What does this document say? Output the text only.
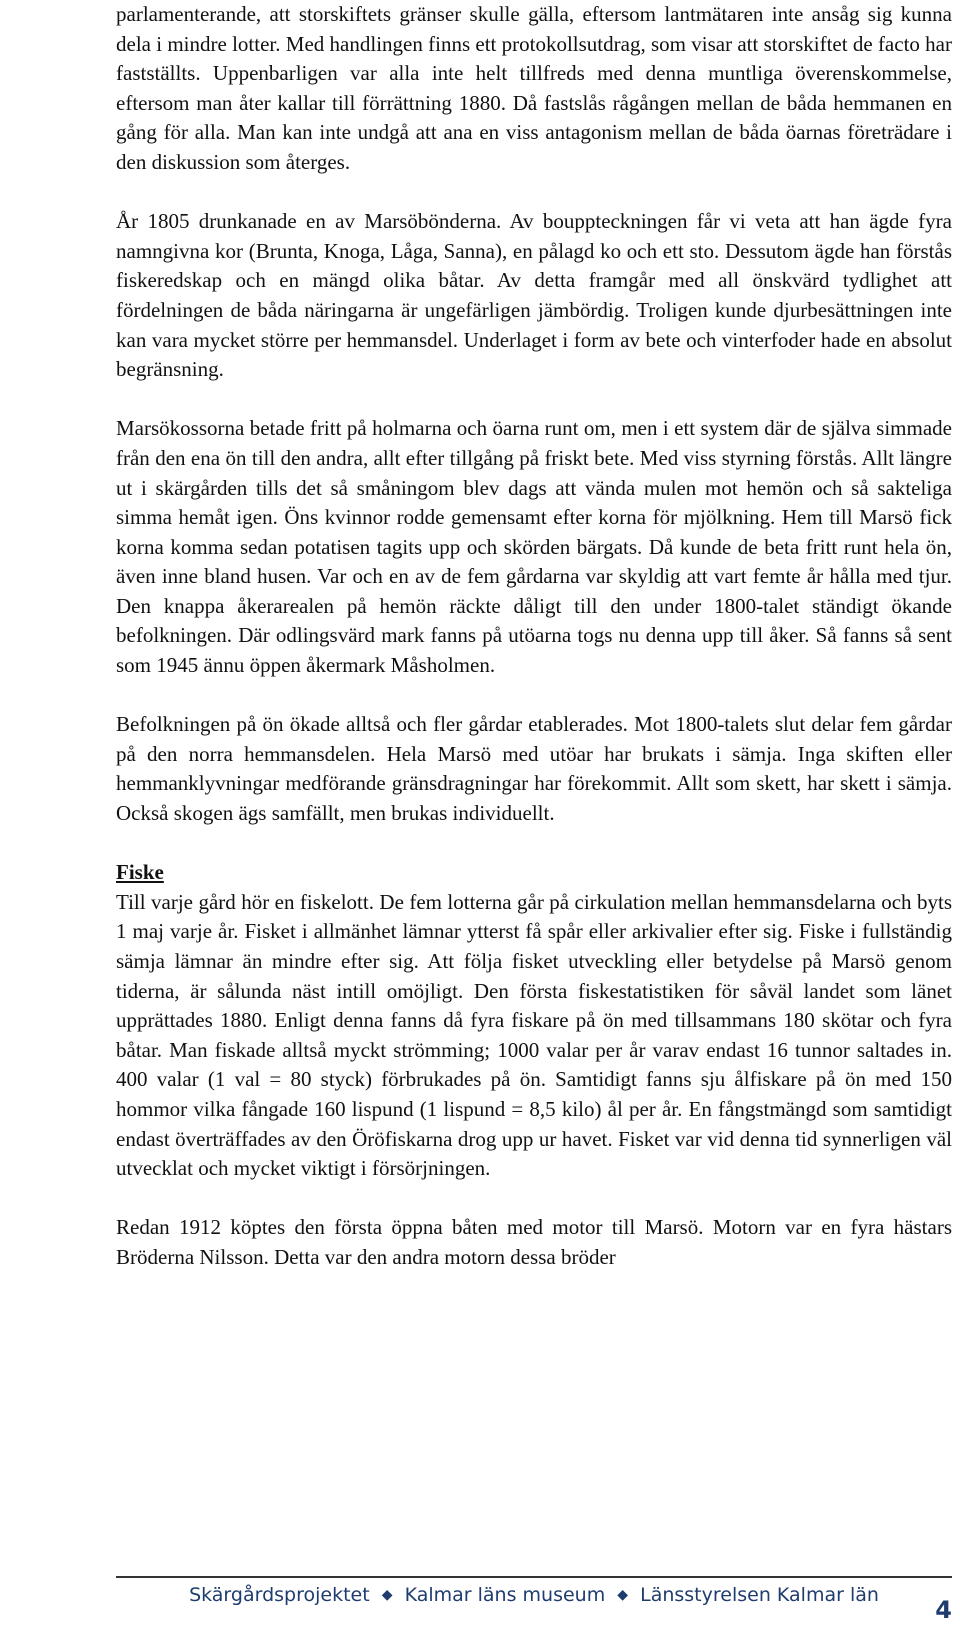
parlamenterande, att storskiftets gränser skulle gälla, eftersom lantmätaren inte ansåg sig kunna dela i mindre lotter. Med handlingen finns ett protokollsutdrag, som visar att storskiftet de facto har fastställts. Uppenbarligen var alla inte helt tillfreds med denna muntliga överenskommelse, eftersom man åter kallar till förrättning 1880. Då fastslås rågången mellan de båda hemmanen en gång för alla. Man kan inte undgå att ana en viss antagonism mellan de båda öarnas företrädare i den diskussion som återges.

År 1805 drunkanade en av Marsöbönderna. Av bouppteckningen får vi veta att han ägde fyra namngivna kor (Brunta, Knoga, Låga, Sanna), en pålagd ko och ett sto. Dessutom ägde han förstås fiskeredskap och en mängd olika båtar. Av detta framgår med all önskvärd tydlighet att fördelningen de båda näringarna är ungefärligen jämbördig. Troligen kunde djurbesättningen inte kan vara mycket större per hemmansdel. Underlaget i form av bete och vinterfoder hade en absolut begränsning.

Marsökossorna betade fritt på holmarna och öarna runt om, men i ett system där de själva simmade från den ena ön till den andra, allt efter tillgång på friskt bete. Med viss styrning förstås. Allt längre ut i skärgården tills det så småningom blev dags att vända mulen mot hemön och så sakteliga simma hemåt igen. Öns kvinnor rodde gemensamt efter korna för mjölkning. Hem till Marsö fick korna komma sedan potatisen tagits upp och skörden bärgats. Då kunde de beta fritt runt hela ön, även inne bland husen. Var och en av de fem gårdarna var skyldig att vart femte år hålla med tjur. Den knappa åkerarealen på hemön räckte dåligt till den under 1800-talet ständigt ökande befolkningen. Där odlingsvärd mark fanns på utöarna togs nu denna upp till åker. Så fanns så sent som 1945 ännu öppen åkermark Måsholmen.

Befolkningen på ön ökade alltså och fler gårdar etablerades. Mot 1800-talets slut delar fem gårdar på den norra hemmansdelen. Hela Marsö med utöar har brukats i sämja. Inga skiften eller hemmanklyvningar medförande gränsdragningar har förekommit. Allt som skett, har skett i sämja. Också skogen ägs samfällt, men brukas individuellt.

Fiske

Till varje gård hör en fiskelott. De fem lotterna går på cirkulation mellan hemmansdelarna och byts 1 maj varje år. Fisket i allmänhet lämnar ytterst få spår eller arkivalier efter sig. Fiske i fullständig sämja lämnar än mindre efter sig. Att följa fisket utveckling eller betydelse på Marsö genom tiderna, är sålunda näst intill omöjligt. Den första fiskestatistiken för såväl landet som länet upprättades 1880. Enligt denna fanns då fyra fiskare på ön med tillsammans 180 skötar och fyra båtar. Man fiskade alltså myckt strömming; 1000 valar per år varav endast 16 tunnor saltades in. 400 valar (1 val = 80 styck) förbrukades på ön. Samtidigt fanns sju ålfiskare på ön med 150 hommor vilka fångade 160 lispund (1 lispund = 8,5 kilo) ål per år. En fångstmängd som samtidigt endast överträffades av den Öröfiskarna drog upp ur havet. Fisket var vid denna tid synnerligen väl utvecklat och mycket viktigt i försörjningen.

Redan 1912 köptes den första öppna båten med motor till Marsö. Motorn var en fyra hästars Bröderna Nilsson. Detta var den andra motorn dessa bröder

Skärgårdsprojektet ◆ Kalmar läns museum ◆ Länsstyrelsen Kalmar län
4
